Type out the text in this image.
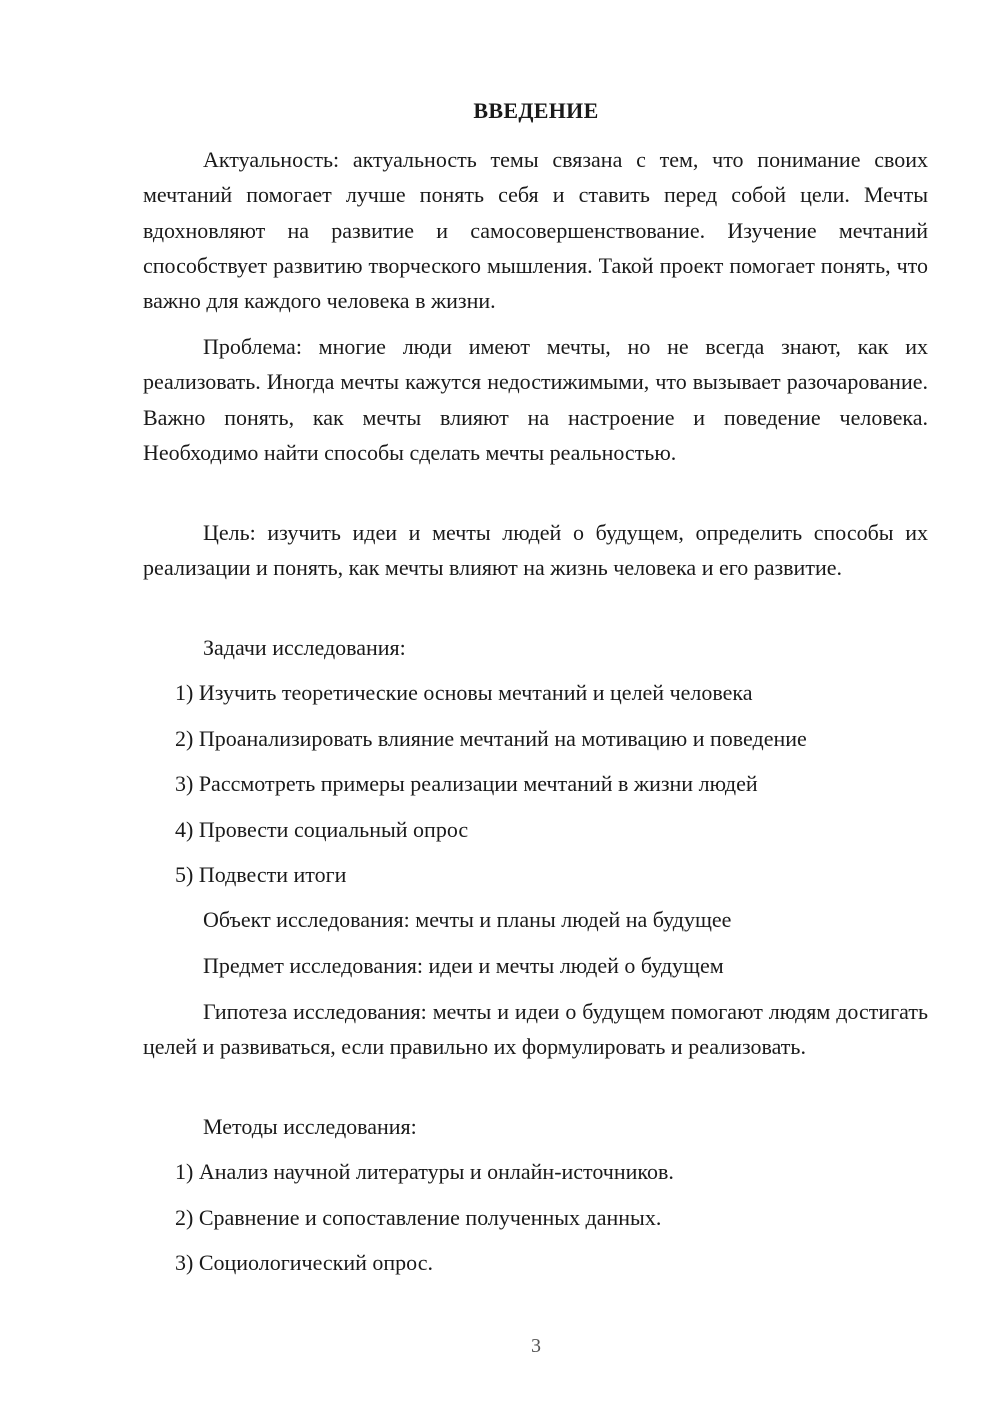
ВВЕДЕНИЕ

Актуальность: актуальность темы связана с тем, что понимание своих мечтаний помогает лучше понять себя и ставить перед собой цели. Мечты вдохновляют на развитие и самосовершенствование. Изучение мечтаний способствует развитию творческого мышления. Такой проект помогает понять, что важно для каждого человека в жизни.

Проблема: многие люди имеют мечты, но не всегда знают, как их реализовать. Иногда мечты кажутся недостижимыми, что вызывает разочарование. Важно понять, как мечты влияют на настроение и поведение человека. Необходимо найти способы сделать мечты реальностью.

Цель: изучить идеи и мечты людей о будущем, определить способы их реализации и понять, как мечты влияют на жизнь человека и его развитие.

Задачи исследования:

1) Изучить теоретические основы мечтаний и целей человека

2) Проанализировать влияние мечтаний на мотивацию и поведение

3) Рассмотреть примеры реализации мечтаний в жизни людей

4) Провести социальный опрос

5) Подвести итоги

Объект исследования: мечты и планы людей на будущее

Предмет исследования: идеи и мечты людей о будущем

Гипотеза исследования: мечты и идеи о будущем помогают людям достигать целей и развиваться, если правильно их формулировать и реализовать.

Методы исследования:

1) Анализ научной литературы и онлайн-источников.

2) Сравнение и сопоставление полученных данных.

3) Социологический опрос.

3
